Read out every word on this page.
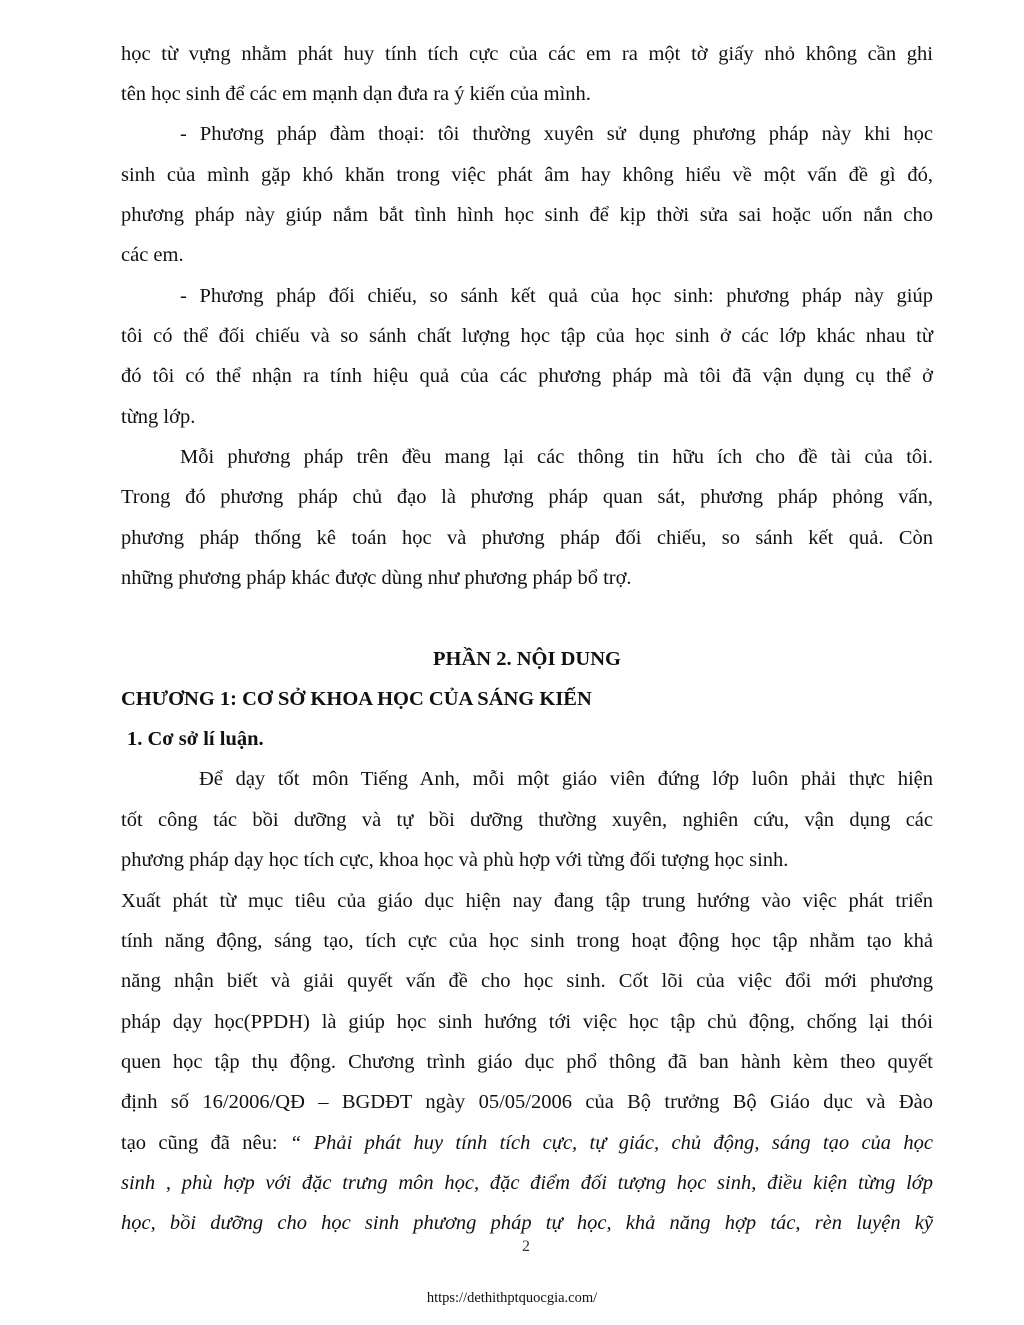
học từ vựng nhằm phát huy tính tích cực của các em ra một tờ giấy nhỏ không cần ghi
tên học sinh để các em mạnh dạn đưa ra ý kiến của mình.
- Phương pháp đàm thoại: tôi thường xuyên sử dụng phương pháp này khi học
sinh của mình gặp khó khăn trong việc phát âm hay không hiểu về một vấn đề gì đó,
phương pháp này giúp nắm bắt tình hình học sinh để kịp thời sửa sai hoặc uốn nắn cho
các em.
- Phương pháp đối chiếu, so sánh kết quả của học sinh: phương pháp này giúp
tôi có thể đối chiếu và so sánh chất lượng học tập của học sinh ở các lớp khác nhau từ
đó tôi có thể nhận ra tính hiệu quả của các phương pháp mà tôi đã vận dụng cụ thể ở
từng lớp.
Mỗi phương pháp trên đều mang lại các thông tin hữu ích cho đề tài của tôi.
Trong đó phương pháp chủ đạo là phương pháp quan sát, phương pháp phỏng vấn,
phương pháp thống kê toán học và phương pháp đối chiếu, so sánh kết quả. Còn
những phương pháp khác được dùng như phương pháp bổ trợ.
PHẦN 2. NỘI DUNG
CHƯƠNG 1: CƠ SỞ KHOA HỌC CỦA SÁNG KIẾN
1. Cơ sở lí luận.
Để dạy tốt môn Tiếng Anh, mỗi một giáo viên đứng lớp luôn phải thực hiện
tốt công tác bồi dưỡng và tự bồi dưỡng thường xuyên, nghiên cứu, vận dụng các
phương pháp dạy học tích cực, khoa học và phù hợp với từng đối tượng học sinh.
Xuất phát từ mục tiêu của giáo dục hiện nay đang tập trung hướng vào việc phát triển
tính năng động, sáng tạo, tích cực của học sinh trong hoạt động học tập nhằm tạo khả
năng nhận biết và giải quyết vấn đề cho học sinh. Cốt lõi của việc đổi mới phương
pháp dạy học(PPDH) là giúp học sinh hướng tới việc học tập chủ động, chống lại thói
quen học tập thụ động. Chương trình giáo dục phổ thông đã ban hành kèm theo quyết
định số 16/2006/QĐ – BGDĐT ngày 05/05/2006 của Bộ trưởng Bộ Giáo dục và Đào
tạo cũng đã nêu: “ Phải phát huy tính tích cực, tự giác, chủ động, sáng tạo của học
sinh , phù hợp với đặc trưng môn học, đặc điểm đối tượng học sinh, điều kiện từng lớp
học, bồi dưỡng cho học sinh phương pháp tự học, khả năng hợp tác, rèn luyện kỹ
2
https://dethithptquocgia.com/
